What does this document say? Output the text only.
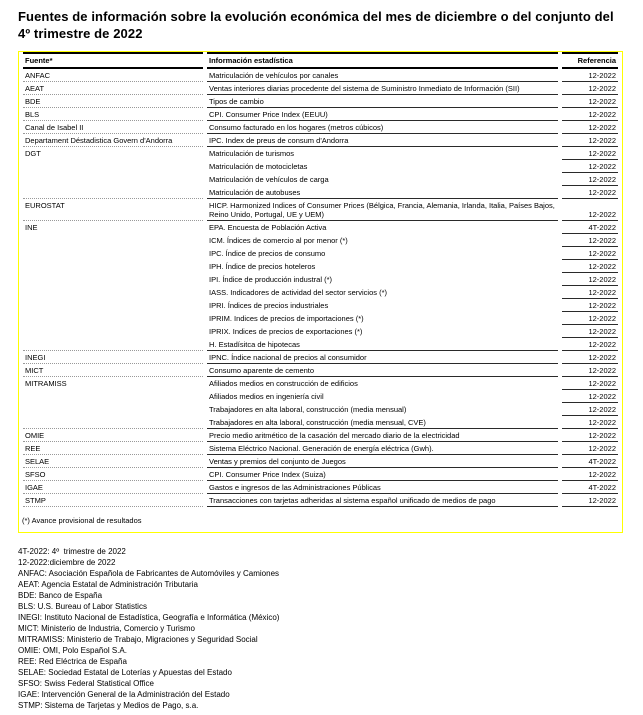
Fuentes de información sobre la evolución económica del mes de diciembre o del conjunto del 4º trimestre de 2022
Fuente*	Información estadística	Referencia
ANFAC	Matriculación de vehículos por canales	12-2022
AEAT	Ventas interiores diarias procedente del sistema de Suministro Inmediato de Información (SII)	12-2022
BDE	Tipos de cambio	12-2022
BLS	CPI. Consumer Price Index (EEUU)	12-2022
Canal de Isabel II	Consumo facturado en los hogares (metros cúbicos)	12-2022
Departament Déstadistica Govern d'Andorra	IPC. Index de preus de consum d'Andorra	12-2022
DGT	Matriculación de turismos	12-2022
	Matriculación de motocicletas	12-2022
	Matriculación de vehículos de carga	12-2022
	Matriculación de autobuses	12-2022
EUROSTAT	HICP. Harmonized Indices of Consumer Prices (Bélgica, Francia, Alemania, Irlanda, Italia, Países Bajos, Reino Unido, Portugal, UE y UEM)	12-2022
INE	EPA. Encuesta de Población Activa	4T-2022
	ICM. Índices de comercio al por menor (*)	12-2022
	IPC. Índice de precios de consumo	12-2022
	IPH. Índice de precios hoteleros	12-2022
	IPI. Índice de producción industral (*)	12-2022
	IASS. Indicadores de actividad del sector servicios (*)	12-2022
	IPRI. Índices de precios industriales	12-2022
	IPRIM. Indices de precios de importaciones (*)	12-2022
	IPRIX. Indices de precios de exportaciones (*)	12-2022
	H. Estadísitca de hipotecas	12-2022
INEGI	IPNC. Índice nacional de precios al consumidor	12-2022
MICT	Consumo aparente de cemento	12-2022
MITRAMISS	Afiliados medios en construcción de edificios	12-2022
	Afiliados medios en ingeniería civil	12-2022
	Trabajadores en alta laboral, construcción (media mensual)	12-2022
	Trabajadores en alta laboral, construcción (media mensual, CVE)	12-2022
OMIE	Precio medio aritmético de la casación del mercado diario de la electricidad	12-2022
REE	Sistema Eléctrico Nacional. Generación de energía eléctrica (Gwh).	12-2022
SELAE	Ventas y premios del conjunto de Juegos	4T-2022
SFSO	CPI. Consumer Price Index (Suiza)	12-2022
IGAE	Gastos e ingresos de las Administraciones Públicas	4T-2022
STMP	Transacciones con tarjetas adheridas al sistema español unificado de medios de pago	12-2022
(*) Avance provisional de resultados
4T-2022: 4º  trimestre de 2022
12-2022:diciembre de 2022
ANFAC: Asociación Española de Fabricantes de Automóviles y Camiones
AEAT: Agencia Estatal de Administración Tributaria
BDE: Banco de España
BLS: U.S. Bureau of Labor Statistics
INEGI: Instituto Nacional de Estadística, Geografía e Informática (México)
MICT: Ministerio de Industria, Comercio y Turismo
MITRAMISS: Ministerio de Trabajo, Migraciones y Seguridad Social
OMIE: OMI, Polo Español S.A.
REE: Red Eléctrica de España
SELAE: Sociedad Estatal de Loterías y Apuestas del Estado
SFSO: Swiss Federal Statistical Office
IGAE: Intervención General de la Administración del Estado
STMP: Sistema de Tarjetas y Medios de Pago, s.a.
